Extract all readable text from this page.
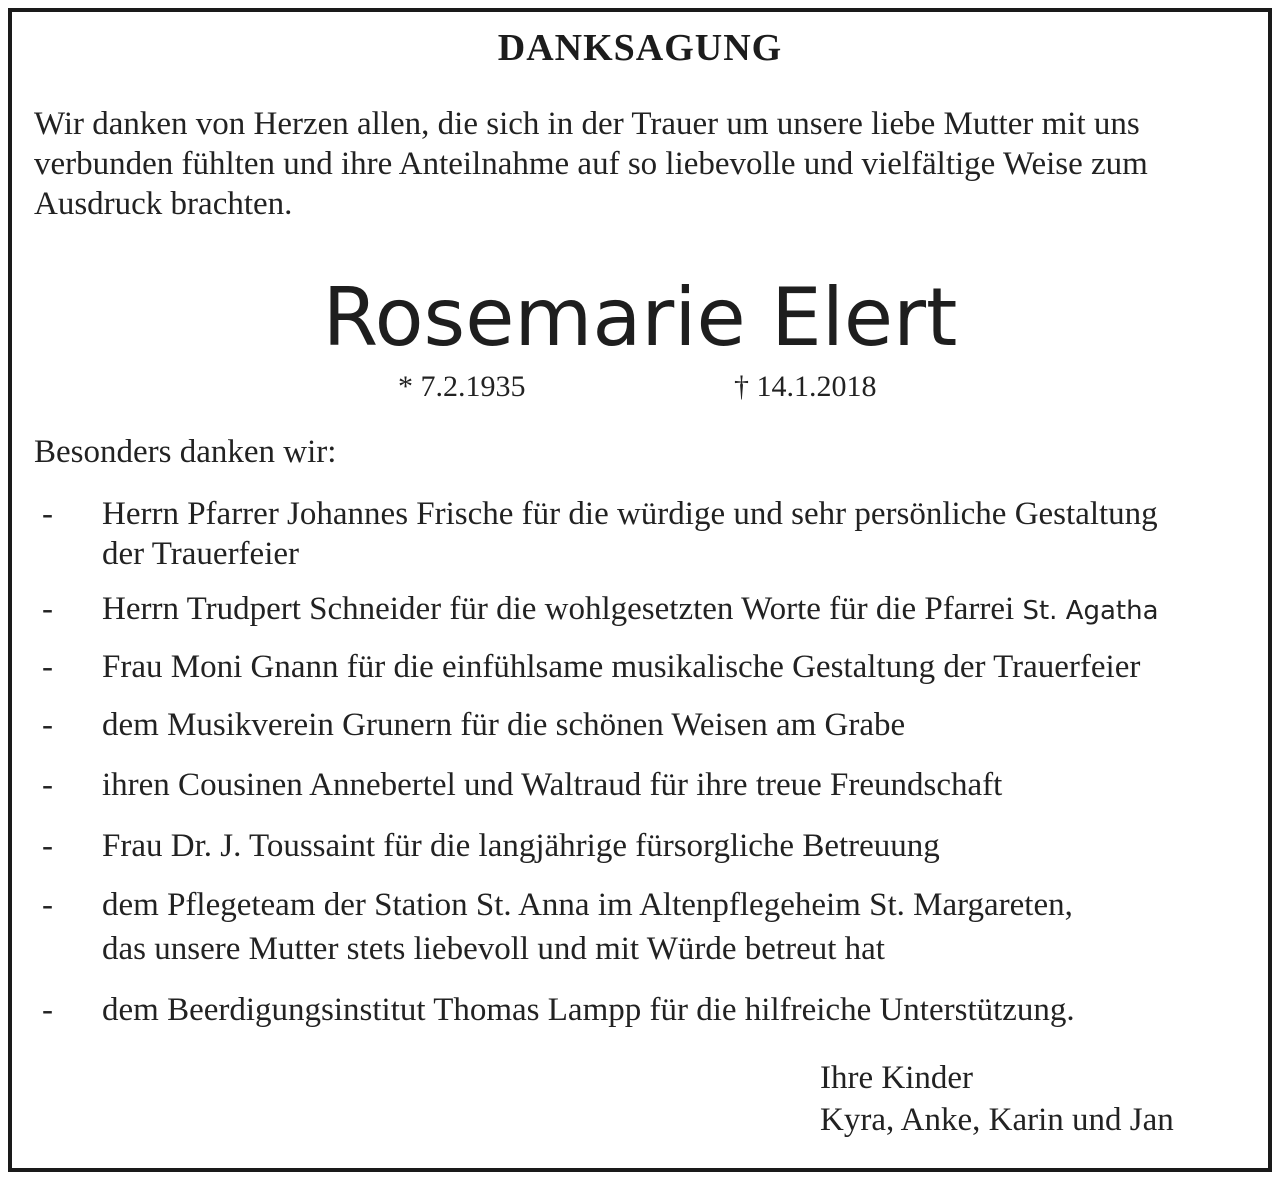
DANKSAGUNG
Wir danken von Herzen allen, die sich in der Trauer um unsere liebe Mutter mit uns
verbunden fühlten und ihre Anteilnahme auf so liebevolle und vielfältige Weise zum
Ausdruck brachten.
Rosemarie Elert
* 7.2.1935	† 14.1.2018
Besonders danken wir:
- Herrn Pfarrer Johannes Frische für die würdige und sehr persönliche Gestaltung
der Trauerfeier
- Herrn Trudpert Schneider für die wohlgesetzten Worte für die Pfarrei St. Agatha
- Frau Moni Gnann für die einfühlsame musikalische Gestaltung der Trauerfeier
- dem Musikverein Grunern für die schönen Weisen am Grabe
- ihren Cousinen Annebertel und Waltraud für ihre treue Freundschaft
- Frau Dr. J. Toussaint für die langjährige fürsorgliche Betreuung
- dem Pflegeteam der Station St. Anna im Altenpflegeheim St. Margareten,
das unsere Mutter stets liebevoll und mit Würde betreut hat
- dem Beerdigungsinstitut Thomas Lampp für die hilfreiche Unterstützung.
Ihre Kinder
Kyra, Anke, Karin und Jan
